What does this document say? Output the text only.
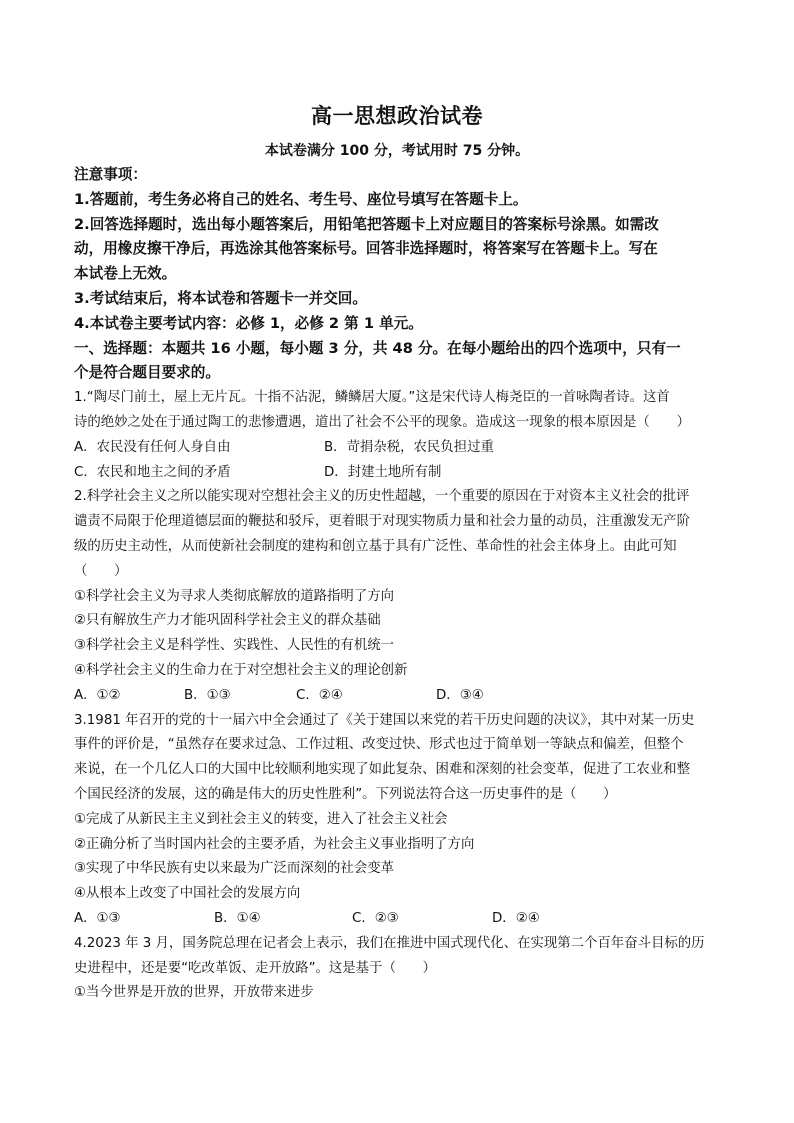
高一思想政治试卷
本试卷满分 100 分，考试用时 75 分钟。

注意事项：

1.答题前，考生务必将自己的姓名、考生号、座位号填写在答题卡上。

2.回答选择题时，选出每小题答案后，用铅笔把答题卡上对应题目的答案标号涂黑。如需改

动，用橡皮擦干净后，再选涂其他答案标号。回答非选择题时，将答案写在答题卡上。写在

本试卷上无效。

3.考试结束后，将本试卷和答题卡一并交回。

4.本试卷主要考试内容：必修 1，必修 2 第 1 单元。

一、选择题：本题共 16 小题，每小题 3 分，共 48 分。在每小题给出的四个选项中，只有一

个是符合题目要求的。

1.“陶尽门前土，屋上无片瓦。十指不沾泥，鳞鳞居大厦。”这是宋代诗人梅尧臣的一首咏陶者诗。这首

诗的绝妙之处在于通过陶工的悲惨遭遇，道出了社会不公平的现象。造成这一现象的根本原因是（　　）

A．农民没有任何人身自由	B．苛捐杂税，农民负担过重
C．农民和地主之间的矛盾	D．封建土地所有制

2.科学社会主义之所以能实现对空想社会主义的历史性超越，一个重要的原因在于对资本主义社会的批评

谴责不局限于伦理道德层面的鞭挞和驳斥，更着眼于对现实物质力量和社会力量的动员，注重激发无产阶

级的历史主动性，从而使新社会制度的建构和创立基于具有广泛性、革命性的社会主体身上。由此可知

（　　）

①科学社会主义为寻求人类彻底解放的道路指明了方向

②只有解放生产力才能巩固科学社会主义的群众基础

③科学社会主义是科学性、实践性、人民性的有机统一

④科学社会主义的生命力在于对空想社会主义的理论创新

A．①②	B．①③	C．②④	D．③④

3.1981 年召开的党的十一届六中全会通过了《关于建国以来党的若干历史问题的决议》，其中对某一历史

事件的评价是，“虽然存在要求过急、工作过粗、改变过快、形式也过于简单划一等缺点和偏差，但整个

来说，在一个几亿人口的大国中比较顺利地实现了如此复杂、困难和深刻的社会变革，促进了工农业和整

个国民经济的发展，这的确是伟大的历史性胜利”。下列说法符合这一历史事件的是（　　）

①完成了从新民主主义到社会主义的转变，进入了社会主义社会

②正确分析了当时国内社会的主要矛盾，为社会主义事业指明了方向

③实现了中华民族有史以来最为广泛而深刻的社会变革

④从根本上改变了中国社会的发展方向

A．①③	B．①④	C．②③	D．②④

4.2023 年 3 月，国务院总理在记者会上表示，我们在推进中国式现代化、在实现第二个百年奋斗目标的历

史进程中，还是要“吃改革饭、走开放路”。这是基于（　　）

①当今世界是开放的世界，开放带来进步
